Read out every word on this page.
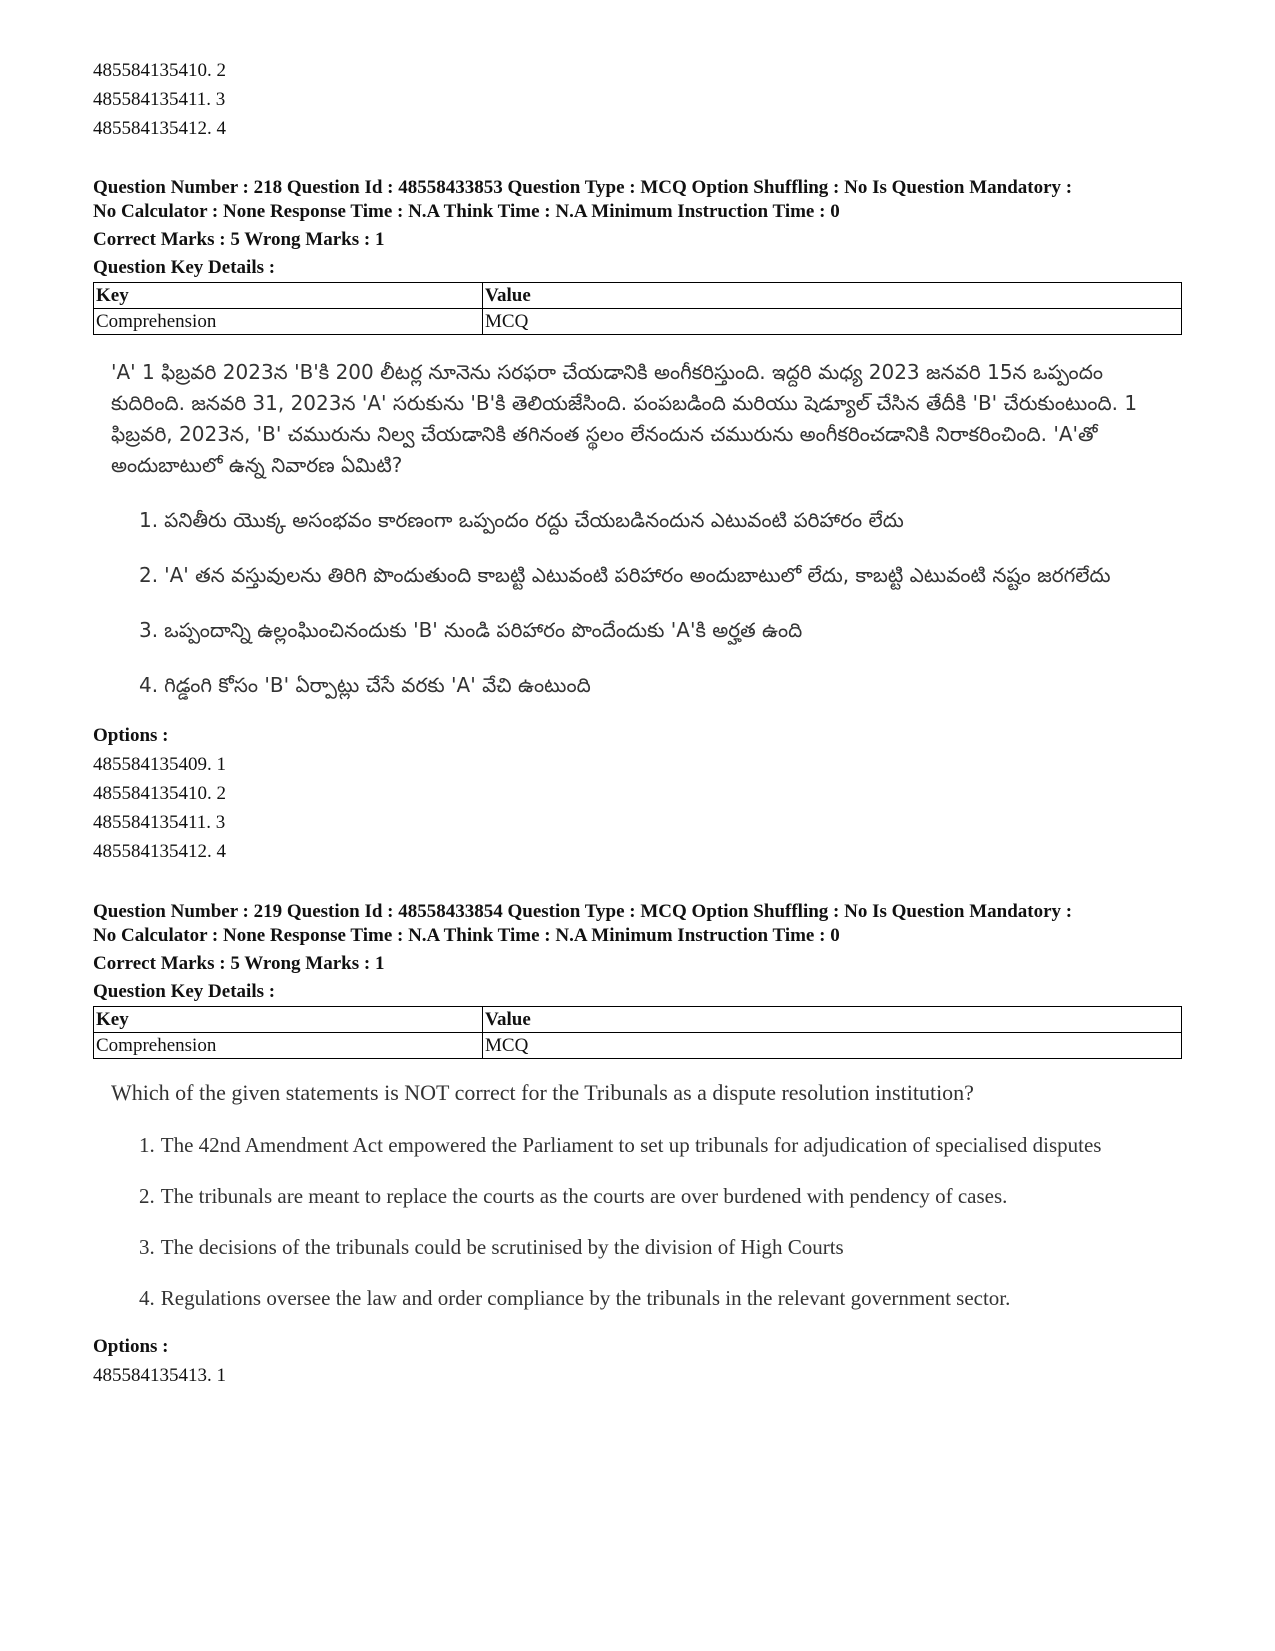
485584135410. 2
485584135411. 3
485584135412. 4
Question Number : 218 Question Id : 48558433853 Question Type : MCQ Option Shuffling : No Is Question Mandatory :
No Calculator : None Response Time : N.A Think Time : N.A Minimum Instruction Time : 0
Correct Marks : 5 Wrong Marks : 1
Question Key Details :
Key	Value
Comprehension	MCQ
'A' 1 ఫిబ్రవరి 2023న 'B'కి 200 లీటర్ల నూనెను సరఫరా చేయడానికి అంగీకరిస్తుంది. ఇద్దరి మధ్య 2023 జనవరి 15న ఒప్పందం కుదిరింది. జనవరి 31, 2023న 'A' సరుకును 'B'కి తెలియజేసింది. పంపబడింది మరియు షెడ్యూల్ చేసిన తేదీకి 'B' చేరుకుంటుంది. 1 ఫిబ్రవరి, 2023న, 'B' చమురును నిల్వ చేయడానికి తగినంత స్థలం లేనందున చమురును అంగీకరించడానికి నిరాకరించింది. 'A'తో అందుబాటులో ఉన్న నివారణ ఏమిటి?
1. పనితీరు యొక్క అసంభవం కారణంగా ఒప్పందం రద్దు చేయబడినందున ఎటువంటి పరిహారం లేదు
2. 'A' తన వస్తువులను తిరిగి పొందుతుంది కాబట్టి ఎటువంటి పరిహారం అందుబాటులో లేదు, కాబట్టి ఎటువంటి నష్టం జరగలేదు
3. ఒప్పందాన్ని ఉల్లంఘించినందుకు 'B' నుండి పరిహారం పొందేందుకు 'A'కి అర్హత ఉంది
4. గిడ్డంగి కోసం 'B' ఏర్పాట్లు చేసే వరకు 'A' వేచి ఉంటుంది
Options :
485584135409. 1
485584135410. 2
485584135411. 3
485584135412. 4
Question Number : 219 Question Id : 48558433854 Question Type : MCQ Option Shuffling : No Is Question Mandatory :
No Calculator : None Response Time : N.A Think Time : N.A Minimum Instruction Time : 0
Correct Marks : 5 Wrong Marks : 1
Question Key Details :
Key	Value
Comprehension	MCQ
Which of the given statements is NOT correct for the Tribunals as a dispute resolution institution?
1. The 42nd Amendment Act empowered the Parliament to set up tribunals for adjudication of specialised disputes
2. The tribunals are meant to replace the courts as the courts are over burdened with pendency of cases.
3. The decisions of the tribunals could be scrutinised by the division of High Courts
4. Regulations oversee the law and order compliance by the tribunals in the relevant government sector.
Options :
485584135413. 1
